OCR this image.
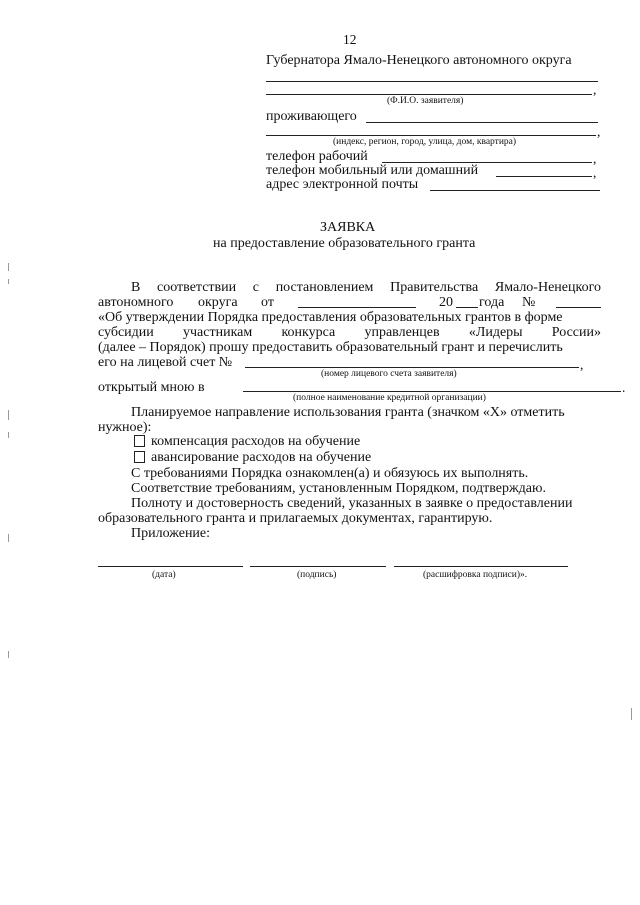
12
Губернатора Ямало-Ненецкого автономного округа
,
(Ф.И.О. заявителя)
проживающего
,
(индекс, регион, город, улица, дом, квартира)
телефон рабочий	,
телефон мобильный или домашний	,
адрес электронной почты
ЗАЯВКА
на предоставление образовательного гранта
В соответствии с постановлением Правительства Ямало-Ненецкого
автономного округа от	20 года №
«Об утверждении Порядка предоставления образовательных грантов в форме
субсидии участникам конкурса управленцев «Лидеры России»
(далее – Порядок) прошу предоставить образовательный грант и перечислить
его на лицевой счет №	,
(номер лицевого счета заявителя)
открытый мною в	.
(полное наименование кредитной организации)
Планируемое направление использования гранта (значком «Х» отметить
нужное):
компенсация расходов на обучение
авансирование расходов на обучение
С требованиями Порядка ознакомлен(а) и обязуюсь их выполнять.
Соответствие требованиям, установленным Порядком, подтверждаю.
Полноту и достоверность сведений, указанных в заявке о предоставлении
образовательного гранта и прилагаемых документах, гарантирую.
Приложение:
(дата)	(подпись)	(расшифровка подписи)».
